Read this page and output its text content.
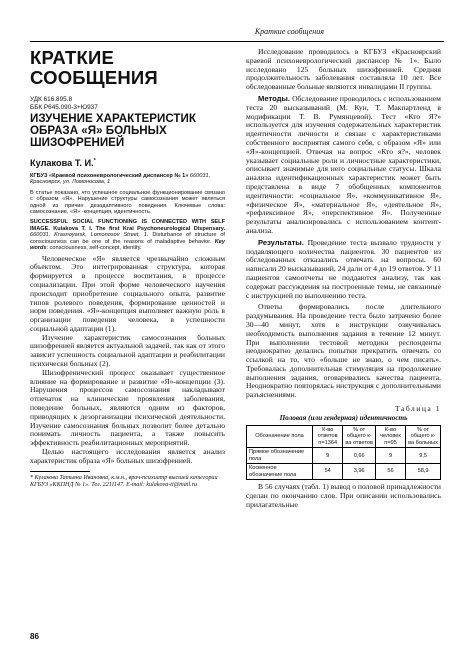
Краткие сообщения
КРАТКИЕ
СООБЩЕНИЯ
УДК 616.895.8
ББК Р645.090-3+Ю937
ИЗУЧЕНИЕ ХАРАКТЕРИСТИК ОБРАЗА «Я» БОЛЬНЫХ ШИЗОФРЕНИЕЙ
Кулакова Т. И.*
КГБУЗ «Краевой психоневрологический диспансер № 1» 660031, Красноярск, ул. Ломоносова, 1
В статье показано, что успешное социальное функционирование связано с образом «Я». Нарушение структуры самосознания может являться одной из причин дезадаптивного поведения. Ключевые слова: самосознание, «Я» -концепция, идентичность.
SUCCESSFUL SOCIAL FUNCTIONING IS CONNECTED WITH SELF IMAGE. Kulakova T. I. The first Krai Psychoneurological Dispensary. 660031, Krasnoyarsk, Lomonosov Street, 1. Disturbance of structure of consciousness can be one of the reasons of maladaptive behavior. Key words: consciousness, self-concept, identity.

Человеческое «Я» является чрезвычайно сложным объектом. Это интегрированная структура, которая формируется в процессе воспитания, в процессе социализации. При этой форме человеческого научения происходит приобретение социального опыта, развитие типов ролевого поведения, формирование ценностей и норм поведения. «Я»-концепция выполняет важную роль в организации поведения человека, в успешности социальной адаптации (1).

Изучение характеристик самосознания больных шизофренией является актуальной задачей, так как от этого зависит успешность социальной адаптации и реабилитации психически больных (2).

Шизофренический процесс оказывает существенное влияние на формирование и развитие «Я»-концепции (3). Нарушения процессов самосознания накладывают отпечаток на клинические проявления заболевания, поведение больных, являются одним из факторов, приводящих к дезорганизации психической деятельности. Изучение самосознания больных позволит более детально понимать личность пациента, а также повысить эффективность реабилитационных мероприятий.

Целью настоящего исследования является анализ характеристик образа «Я» больных шизофренией.

* Кулакова Татьяна Ивановна, к.м.н., врач-психиатр высшей категории КГБУЗ «ККПНД № 1». Тел. 2211147. E-mail: kulakova-ti@mail.ru

Исследование проводилось в КГБУЗ «Красноярский краевой психоневрологический диспансер № 1». Было исследовано 125 больных шизофренией. Средняя продолжительность заболевания составляла 10 лет. Все обследованные больные являются инвалидами II группы.

Методы. Обследование проводилось с использованием теста 20 высказываний (М. Кун, Т. Макпартленд в модификации Т. В. Румянцевой). Тест «Кто Я?» используется для изучения содержательных характеристик идентичности личности и связан с характеристиками собственного восприятия самого себя, с образом «Я» или «Я»-концепцией. Отвечая на вопрос «Кто я?», человек указывает социальные роли и личностные характеристики, описывает значимые для него социальные статусы. Шкала анализа идентификационных характеристик может быть представлена в виде 7 обобщенных компонентов идентичности: «социальное Я», «коммуникативное Я», «физическое Я», «материальное Я», «деятельное Я», «рефлексивное Я», «перспективное Я». Полученные результаты анализировались с использованием контент-анализа.

Результаты. Проведение теста вызвало трудности у подавляющего количества пациентов. 30 пациентов из обследованных отказались отвечать на вопросы. 60 написали 20 высказываний, 24 дали от 4 до 19 ответов. У 11 пациентов самоотчеты не поддаются анализу, так как содержат рассуждения на построенные темы, не связанные с инструкцией по выполнению теста.

Ответы формировались после длительного раздумывания. На проведение теста было затрачено более 30—40 минут, хотя в инструкции озвучивалась необходимость выполнения задания в течение 12 минут. При выполнении тестовой методики респонденты неоднократно делались попытки прекратить отвечать со ссылкой на то, что «больше не знаю, о чем писать». Требовалась дополнительная стимуляция на продолжение выполнения задания, оговаривались качества пациента. Неоднократно повторялась инструкция с дополнительными разъяснениями.

Таблица 1
Половая (или гендерная) идентичность
Обозначение пола	К-во ответов n=1364	% от общего к-ва ответов	К-во человек n=95	% от общего к-ва больных
Прямое обозначение пола	9	0,66	9	9,5
Косвенное обозначение пола	54	3,96	56	58,9

В 56 случаях (табл. 1) вывод о половой принадлежности сделан по окончанию слов. При описании использовались прилагательные

86
